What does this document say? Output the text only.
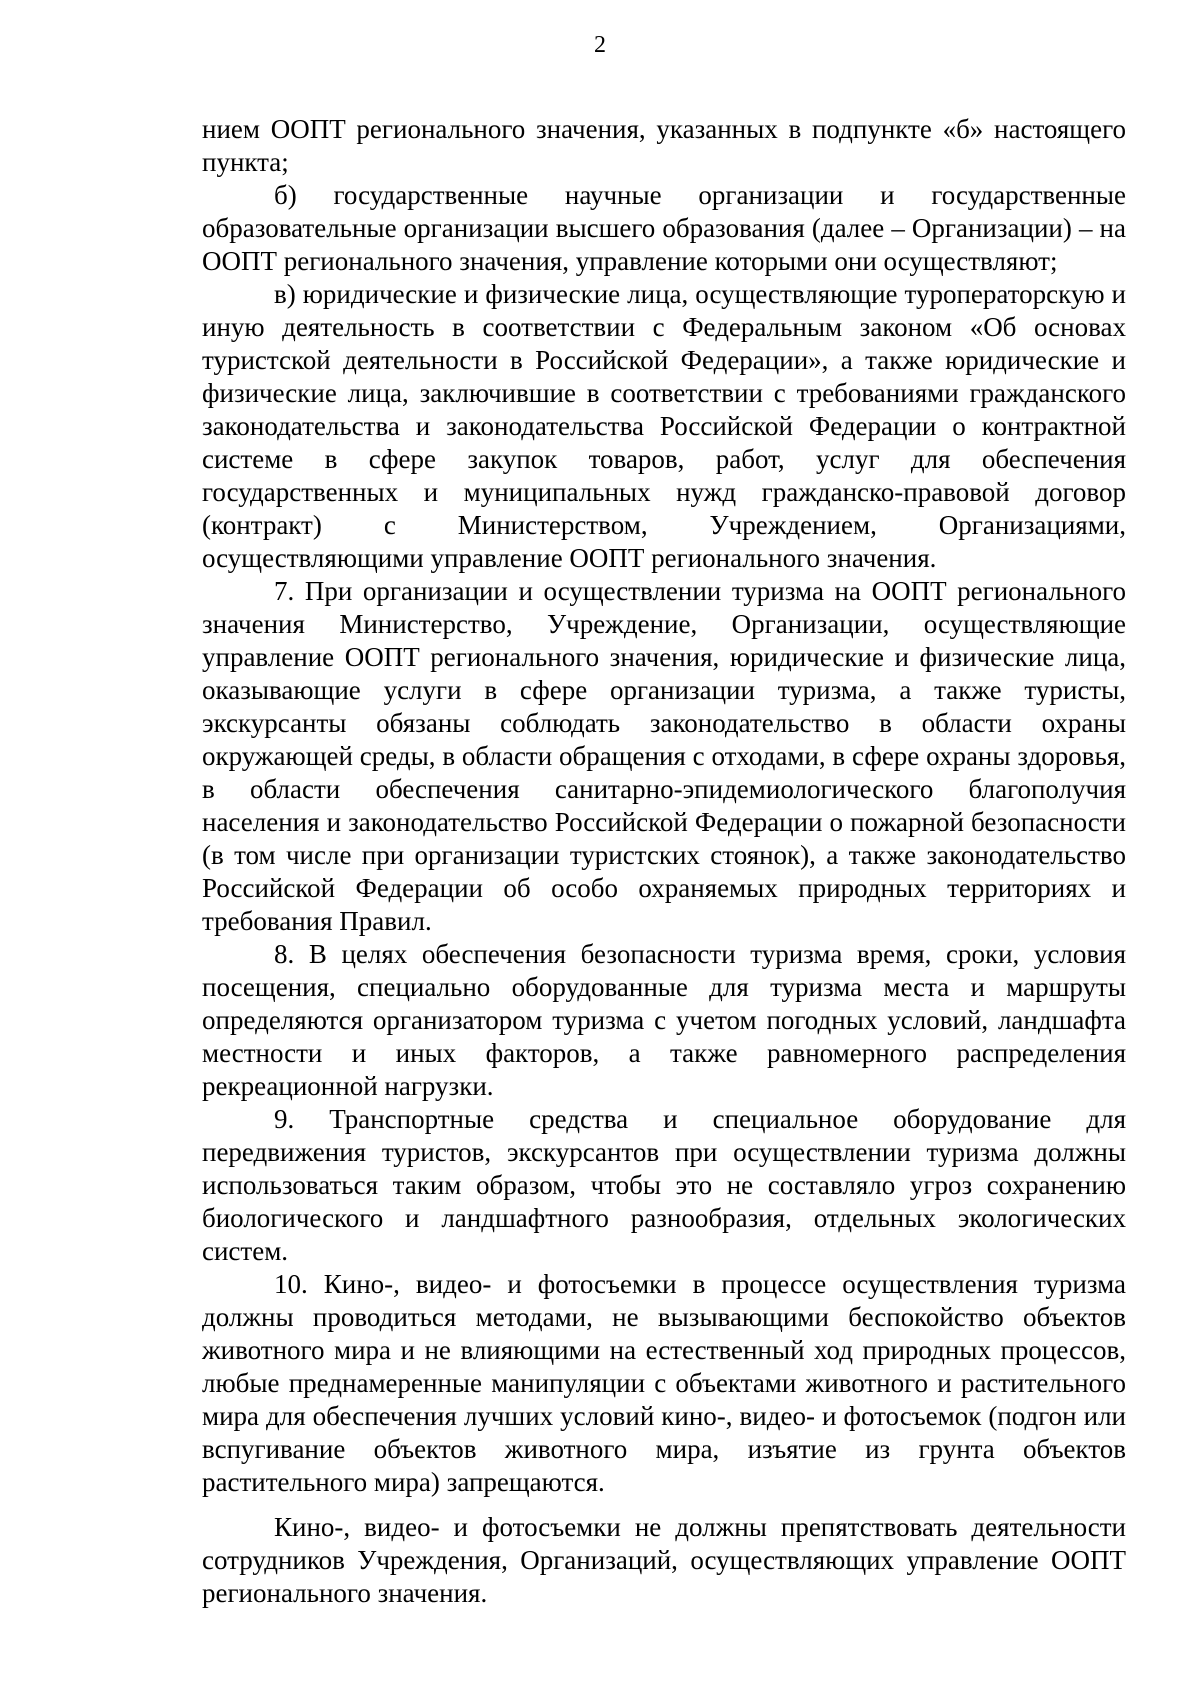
2

нием ООПТ регионального значения, указанных в подпункте «б» настоящего пункта;

б) государственные научные организации и государственные образовательные организации высшего образования (далее – Организации) – на ООПТ регионального значения, управление которыми они осуществляют;

в) юридические и физические лица, осуществляющие туроператорскую и иную деятельность в соответствии с Федеральным законом «Об основах туристской деятельности в Российской Федерации», а также юридические и физические лица, заключившие в соответствии с требованиями гражданского законодательства и законодательства Российской Федерации о контрактной системе в сфере закупок товаров, работ, услуг для обеспечения государственных и муниципальных нужд гражданско-правовой договор (контракт) с Министерством, Учреждением, Организациями, осуществляющими управление ООПТ регионального значения.

7. При организации и осуществлении туризма на ООПТ регионального значения Министерство, Учреждение, Организации, осуществляющие управление ООПТ регионального значения, юридические и физические лица, оказывающие услуги в сфере организации туризма, а также туристы, экскурсанты обязаны соблюдать законодательство в области охраны окружающей среды, в области обращения с отходами, в сфере охраны здоровья, в области обеспечения санитарно-эпидемиологического благополучия населения и законодательство Российской Федерации о пожарной безопасности (в том числе при организации туристских стоянок), а также законодательство Российской Федерации об особо охраняемых природных территориях и требования Правил.

8. В целях обеспечения безопасности туризма время, сроки, условия посещения, специально оборудованные для туризма места и маршруты определяются организатором туризма с учетом погодных условий, ландшафта местности и иных факторов, а также равномерного распределения рекреационной нагрузки.

9. Транспортные средства и специальное оборудование для передвижения туристов, экскурсантов при осуществлении туризма должны использоваться таким образом, чтобы это не составляло угроз сохранению биологического и ландшафтного разнообразия, отдельных экологических систем.

10. Кино-, видео- и фотосъемки в процессе осуществления туризма должны проводиться методами, не вызывающими беспокойство объектов животного мира и не влияющими на естественный ход природных процессов, любые преднамеренные манипуляции с объектами животного и растительного мира для обеспечения лучших условий кино-, видео- и фотосъемок (подгон или вспугивание объектов животного мира, изъятие из грунта объектов растительного мира) запрещаются.

Кино-, видео- и фотосъемки не должны препятствовать деятельности сотрудников Учреждения, Организаций, осуществляющих управление ООПТ регионального значения.
